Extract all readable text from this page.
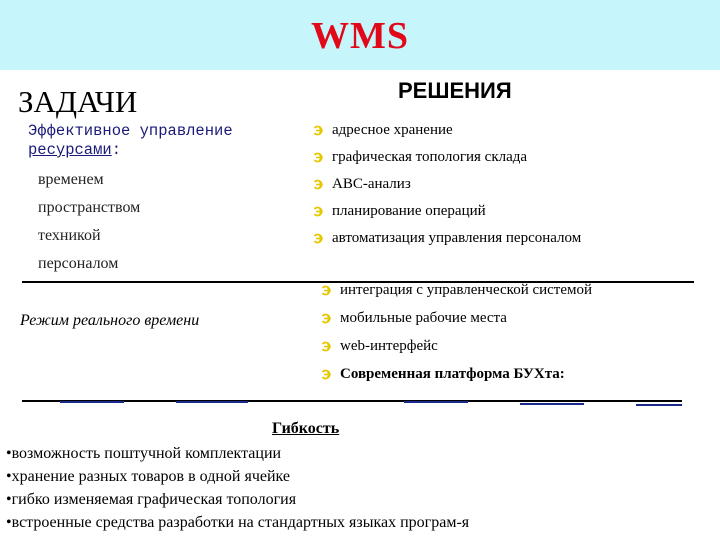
WMS
ЗАДАЧИ	РЕШЕНИЯ
Эффективное управление
ресурсами:
временем
пространством
техникой
персоналом
Режим реального времени
адресное хранение
графическая топология склада
ABC-анализ
планирование операций
автоматизация управления персоналом
интеграция с управленческой системой
мобильные рабочие места
web-интерфейс
Современная платформа БУХта:
Гибкость
•возможность поштучной комплектации
•хранение разных товаров в одной ячейке
•гибко изменяемая графическая топология
•встроенные средства разработки на стандартных языках програм-я
